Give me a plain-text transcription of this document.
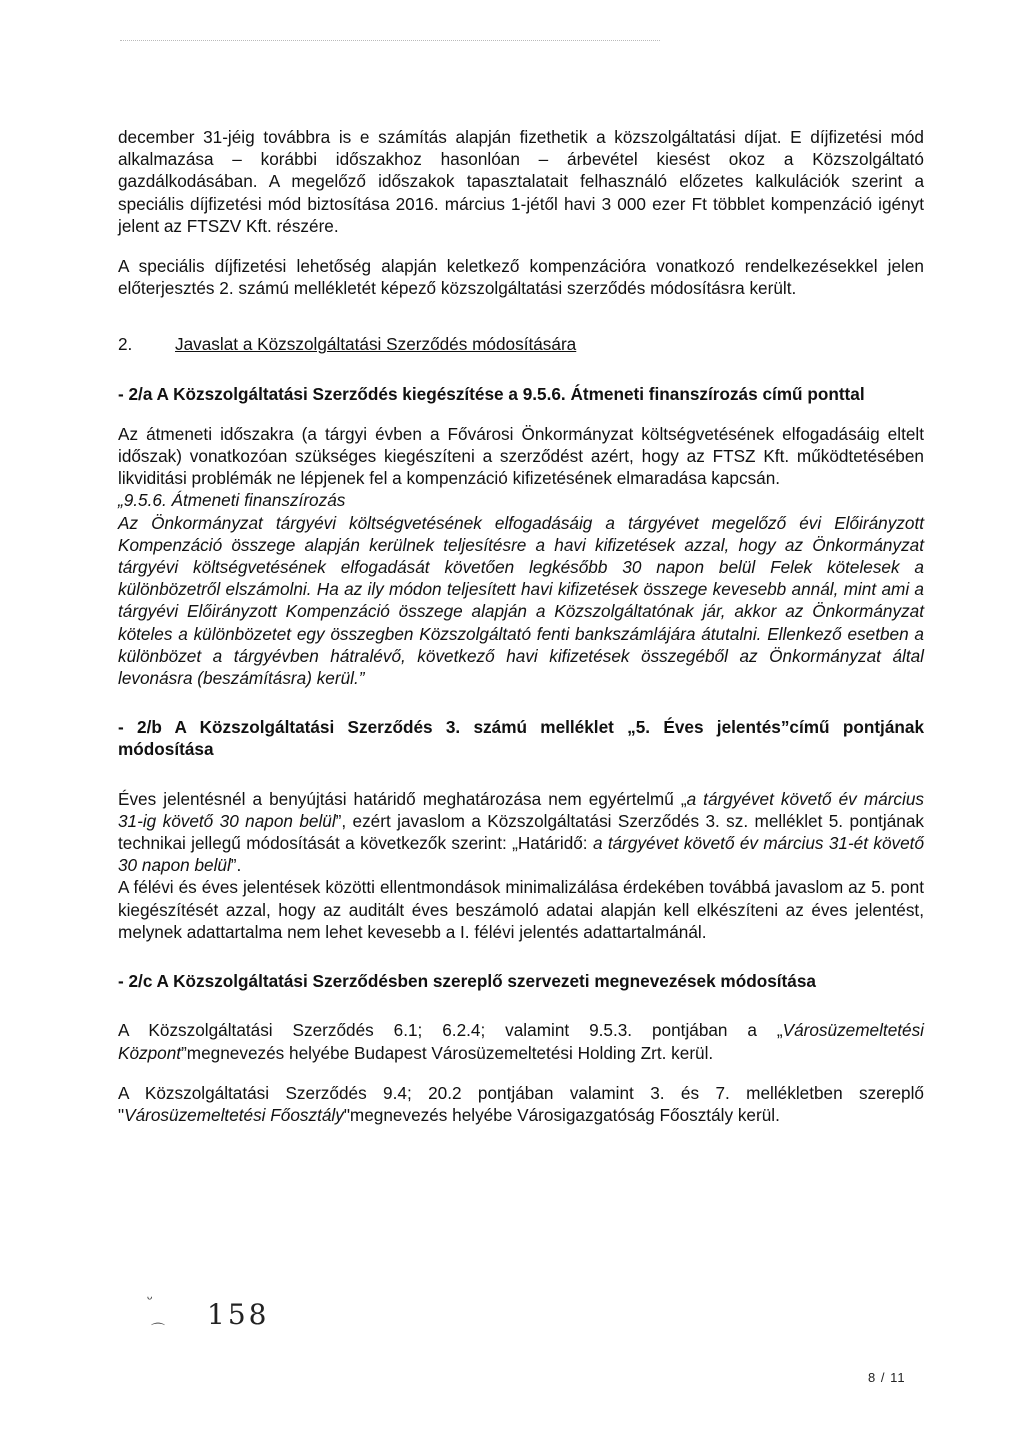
december 31-jéig továbbra is e számítás alapján fizethetik a közszolgáltatási díjat. E díjfizetési mód alkalmazása – korábbi időszakhoz hasonlóan – árbevétel kiesést okoz a Közszolgáltató gazdálkodásában. A megelőző időszakok tapasztalatait felhasználó előzetes kalkulációk szerint a speciális díjfizetési mód biztosítása 2016. március 1-jétől havi 3 000 ezer Ft többlet kompenzáció igényt jelent az FTSZV Kft. részére.

A speciális díjfizetési lehetőség alapján keletkező kompenzációra vonatkozó rendelkezésekkel jelen előterjesztés 2. számú mellékletét képező közszolgáltatási szerződés módosításra került.

2.	Javaslat a Közszolgáltatási Szerződés módosítására

- 2/a A Közszolgáltatási Szerződés kiegészítése a 9.5.6. Átmeneti finanszírozás című ponttal

Az átmeneti időszakra (a tárgyi évben a Fővárosi Önkormányzat költségvetésének elfogadásáig eltelt időszak) vonatkozóan szükséges kiegészíteni a szerződést azért, hogy az FTSZ Kft. működtetésében likviditási problémák ne lépjenek fel a kompenzáció kifizetésének elmaradása kapcsán.

„9.5.6. Átmeneti finanszírozás

Az Önkormányzat tárgyévi költségvetésének elfogadásáig a tárgyévet megelőző évi Előirányzott Kompenzáció összege alapján kerülnek teljesítésre a havi kifizetések azzal, hogy az Önkormányzat tárgyévi költségvetésének elfogadását követően legkésőbb 30 napon belül Felek kötelesek a különbözetről elszámolni. Ha az ily módon teljesített havi kifizetések összege kevesebb annál, mint ami a tárgyévi Előirányzott Kompenzáció összege alapján a Közszolgáltatónak jár, akkor az Önkormányzat köteles a különbözetet egy összegben Közszolgáltató fenti bankszámlájára átutalni. Ellenkező esetben a különbözet a tárgyévben hátralévő, következő havi kifizetések összegéből az Önkormányzat által levonásra (beszámításra) kerül.”

- 2/b A Közszolgáltatási Szerződés 3. számú melléklet „5. Éves jelentés”című pontjának módosítása

Éves jelentésnél a benyújtási határidő meghatározása nem egyértelmű „a tárgyévet követő év március 31-ig követő 30 napon belül”, ezért javaslom a Közszolgáltatási Szerződés 3. sz. melléklet 5. pontjának technikai jellegű módosítását a következők szerint: „Határidő: a tárgyévet követő év március 31-ét követő 30 napon belül”.

A félévi és éves jelentések közötti ellentmondások minimalizálása érdekében továbbá javaslom az 5. pont kiegészítését azzal, hogy az auditált éves beszámoló adatai alapján kell elkészíteni az éves jelentést, melynek adattartalma nem lehet kevesebb a I. félévi jelentés adattartalmánál.

- 2/c A Közszolgáltatási Szerződésben szereplő szervezeti megnevezések módosítása

A Közszolgáltatási Szerződés 6.1; 6.2.4; valamint 9.5.3. pontjában a „Városüzemeltetési Központ”megnevezés helyébe Budapest Városüzemeltetési Holding Zrt. kerül.

A Közszolgáltatási Szerződés 9.4; 20.2 pontjában valamint 3. és 7. mellékletben szereplő "Városüzemeltetési Főosztály"megnevezés helyébe Városigazgatóság Főosztály kerül.

ᵕ
⌒ 158
8 / 11
